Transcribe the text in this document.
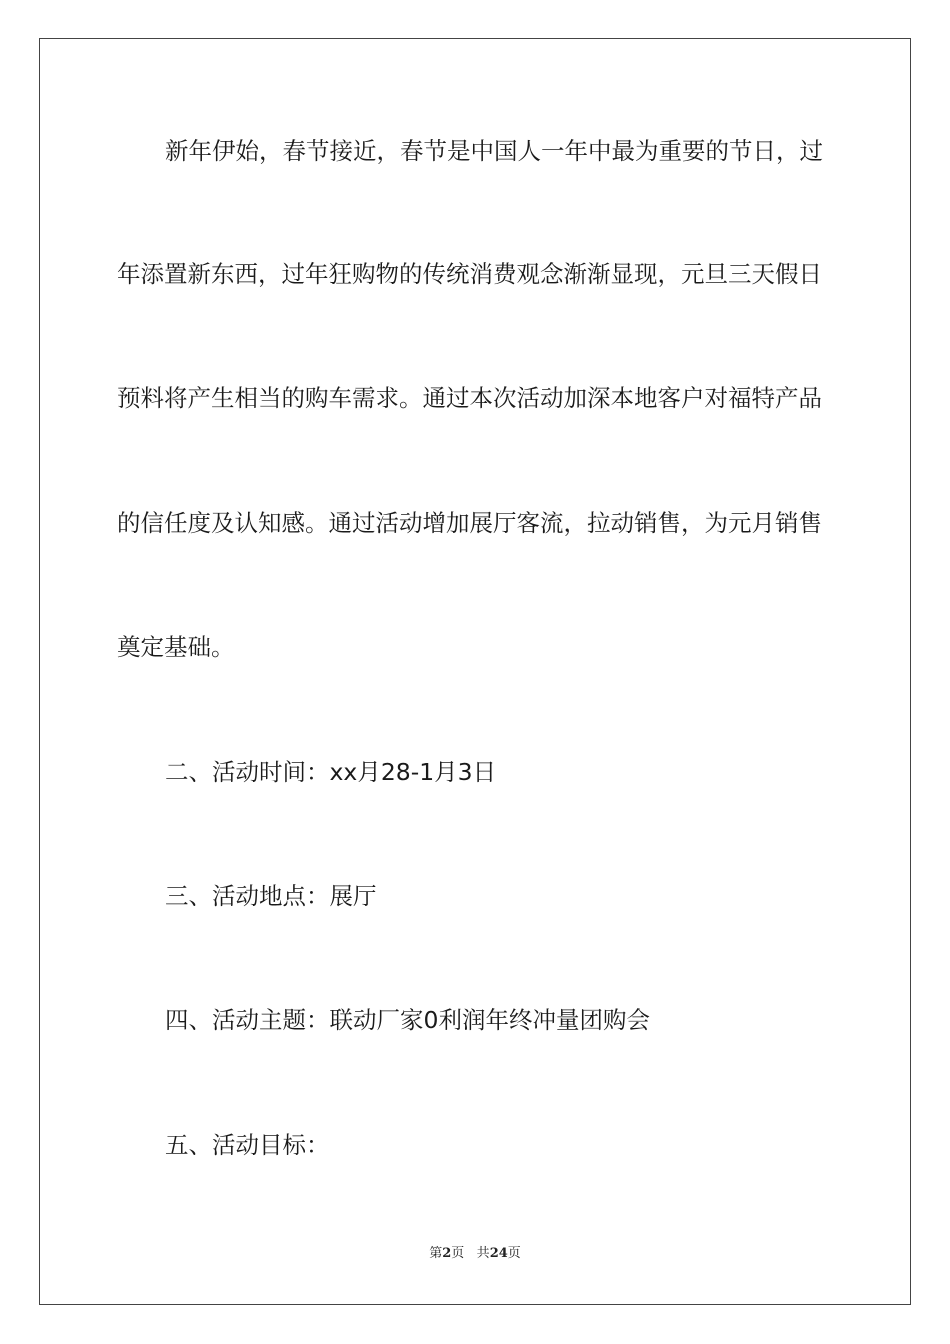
新年伊始，春节接近，春节是中国人一年中最为重要的节日，过

年添置新东西，过年狂购物的传统消费观念渐渐显现，元旦三天假日

预料将产生相当的购车需求。通过本次活动加深本地客户对福特产品

的信任度及认知感。通过活动增加展厅客流，拉动销售，为元月销售

奠定基础。

二、活动时间：xx月28-1月3日

三、活动地点：展厅

四、活动主题：联动厂家0利润年终冲量团购会

五、活动目标：

第2页 共24页
